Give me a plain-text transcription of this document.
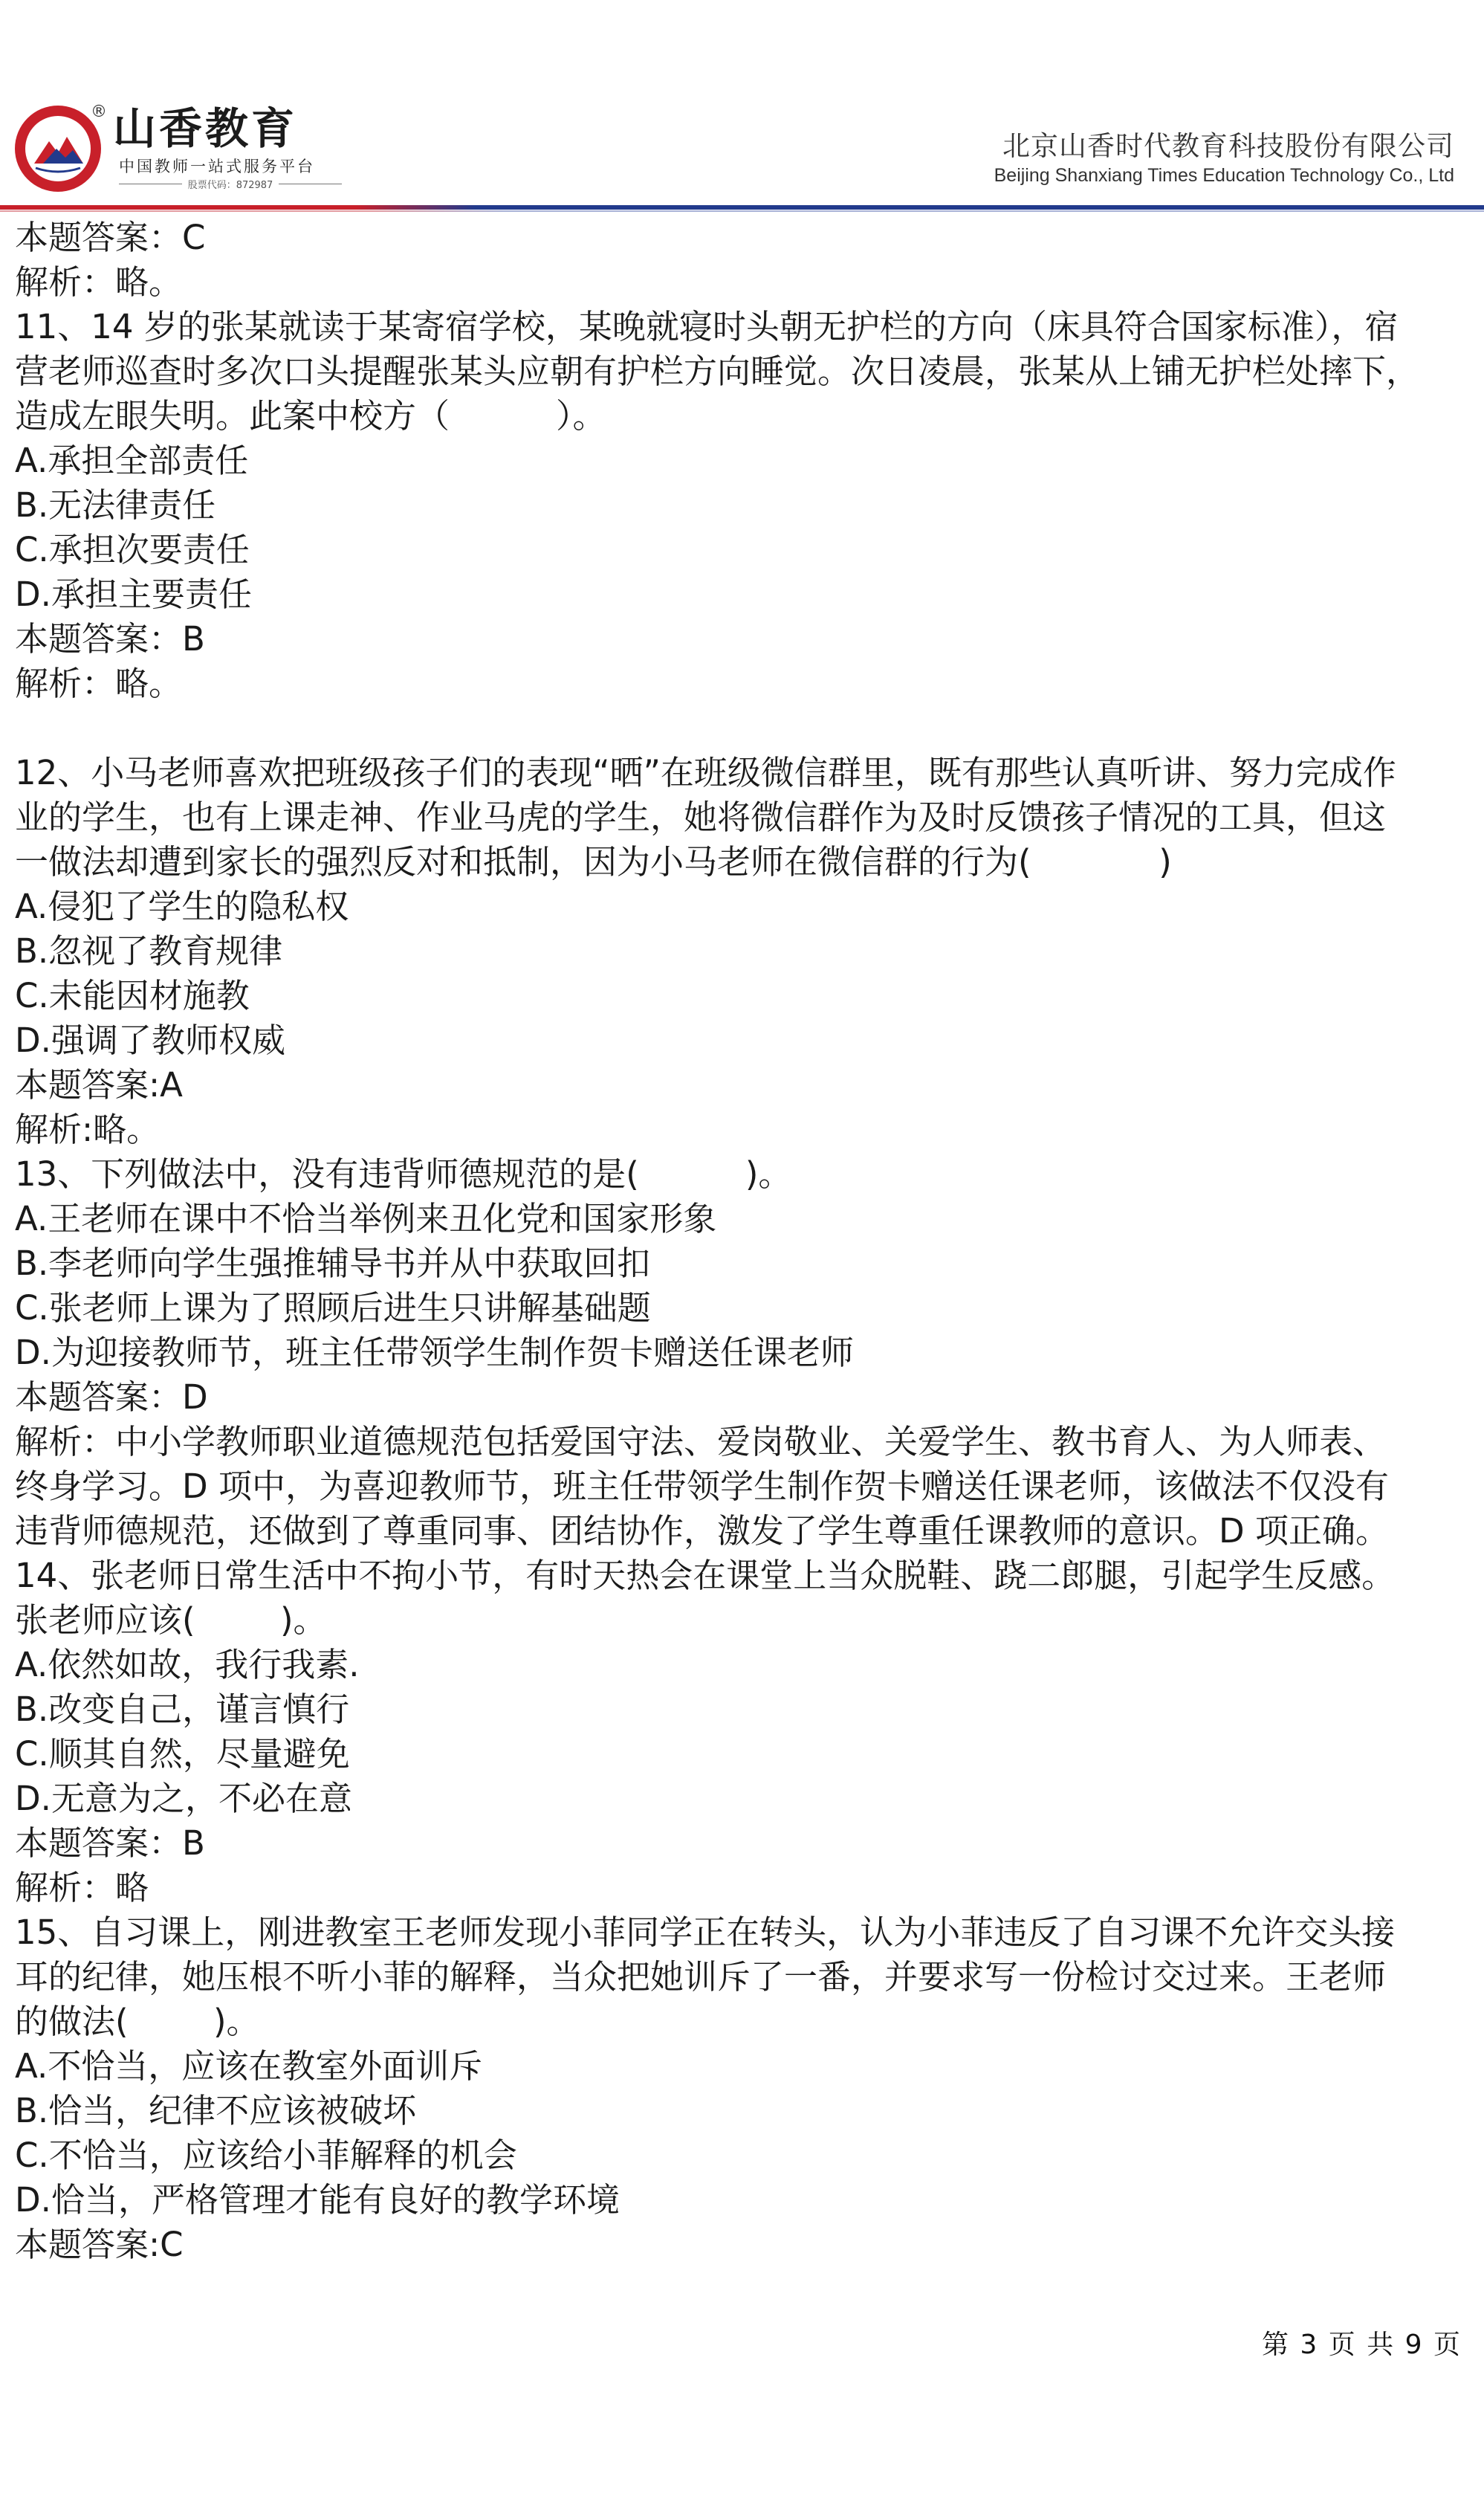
® 山香教育
中国教师一站式服务平台
股票代码：872987
北京山香时代教育科技股份有限公司
Beijing Shanxiang Times Education Technology Co., Ltd

本题答案：C

解析：略。

11、14 岁的张某就读于某寄宿学校，某晚就寝时头朝无护栏的方向（床具符合国家标准），宿

营老师巡查时多次口头提醒张某头应朝有护栏方向睡觉。次日凌晨，张某从上铺无护栏处摔下，

造成左眼失明。此案中校方（          ）。

A.承担全部责任

B.无法律责任

C.承担次要责任

D.承担主要责任

本题答案：B

解析：略。

12、小马老师喜欢把班级孩子们的表现“晒”在班级微信群里，既有那些认真听讲、努力完成作

业的学生，也有上课走神、作业马虎的学生，她将微信群作为及时反馈孩子情况的工具，但这

一做法却遭到家长的强烈反对和抵制，因为小马老师在微信群的行为(            )

A.侵犯了学生的隐私权

B.忽视了教育规律

C.未能因材施教

D.强调了教师权威

本题答案:A

解析:略。

13、下列做法中，没有违背师德规范的是(          )。

A.王老师在课中不恰当举例来丑化党和国家形象

B.李老师向学生强推辅导书并从中获取回扣

C.张老师上课为了照顾后进生只讲解基础题

D.为迎接教师节，班主任带领学生制作贺卡赠送任课老师

本题答案：D

解析：中小学教师职业道德规范包括爱国守法、爱岗敬业、关爱学生、教书育人、为人师表、

终身学习。D 项中，为喜迎教师节，班主任带领学生制作贺卡赠送任课老师，该做法不仅没有

违背师德规范，还做到了尊重同事、团结协作，激发了学生尊重任课教师的意识。D 项正确。

14、张老师日常生活中不拘小节，有时天热会在课堂上当众脱鞋、跷二郎腿，引起学生反感。

张老师应该(        )。

A.依然如故，我行我素.

B.改变自己，谨言慎行

C.顺其自然，尽量避免

D.无意为之，不必在意

本题答案：B

解析：略

15、自习课上，刚进教室王老师发现小菲同学正在转头，认为小菲违反了自习课不允许交头接

耳的纪律，她压根不听小菲的解释，当众把她训斥了一番，并要求写一份检讨交过来。王老师

的做法(        )。

A.不恰当，应该在教室外面训斥

B.恰当，纪律不应该被破坏

C.不恰当，应该给小菲解释的机会

D.恰当，严格管理才能有良好的教学环境

本题答案:C

第 3 页 共 9 页
